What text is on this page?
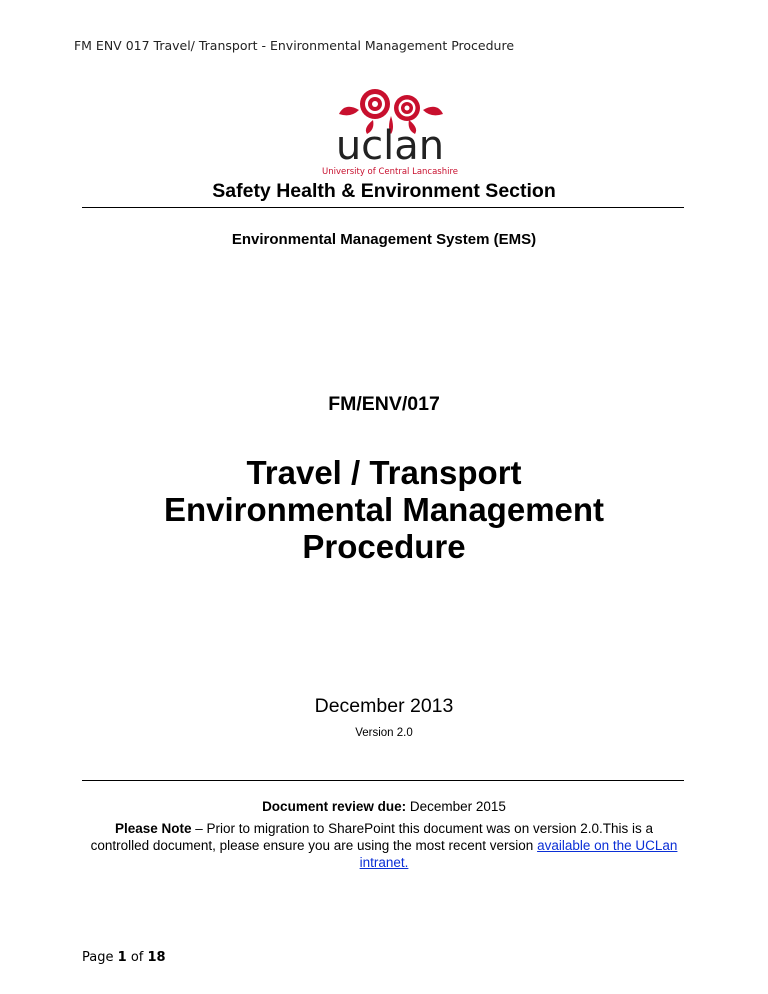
FM ENV 017 Travel/ Transport - Environmental Management Procedure
uclan
University of Central Lancashire
Safety Health & Environment Section
Environmental Management System (EMS)
FM/ENV/017
Travel / Transport
Environmental Management
Procedure
December 2013
Version 2.0
Document review due: December 2015
Please Note – Prior to migration to SharePoint this document was on version 2.0.This is a controlled document, please ensure you are using the most recent version available on the UCLan intranet.
Page 1 of 18
